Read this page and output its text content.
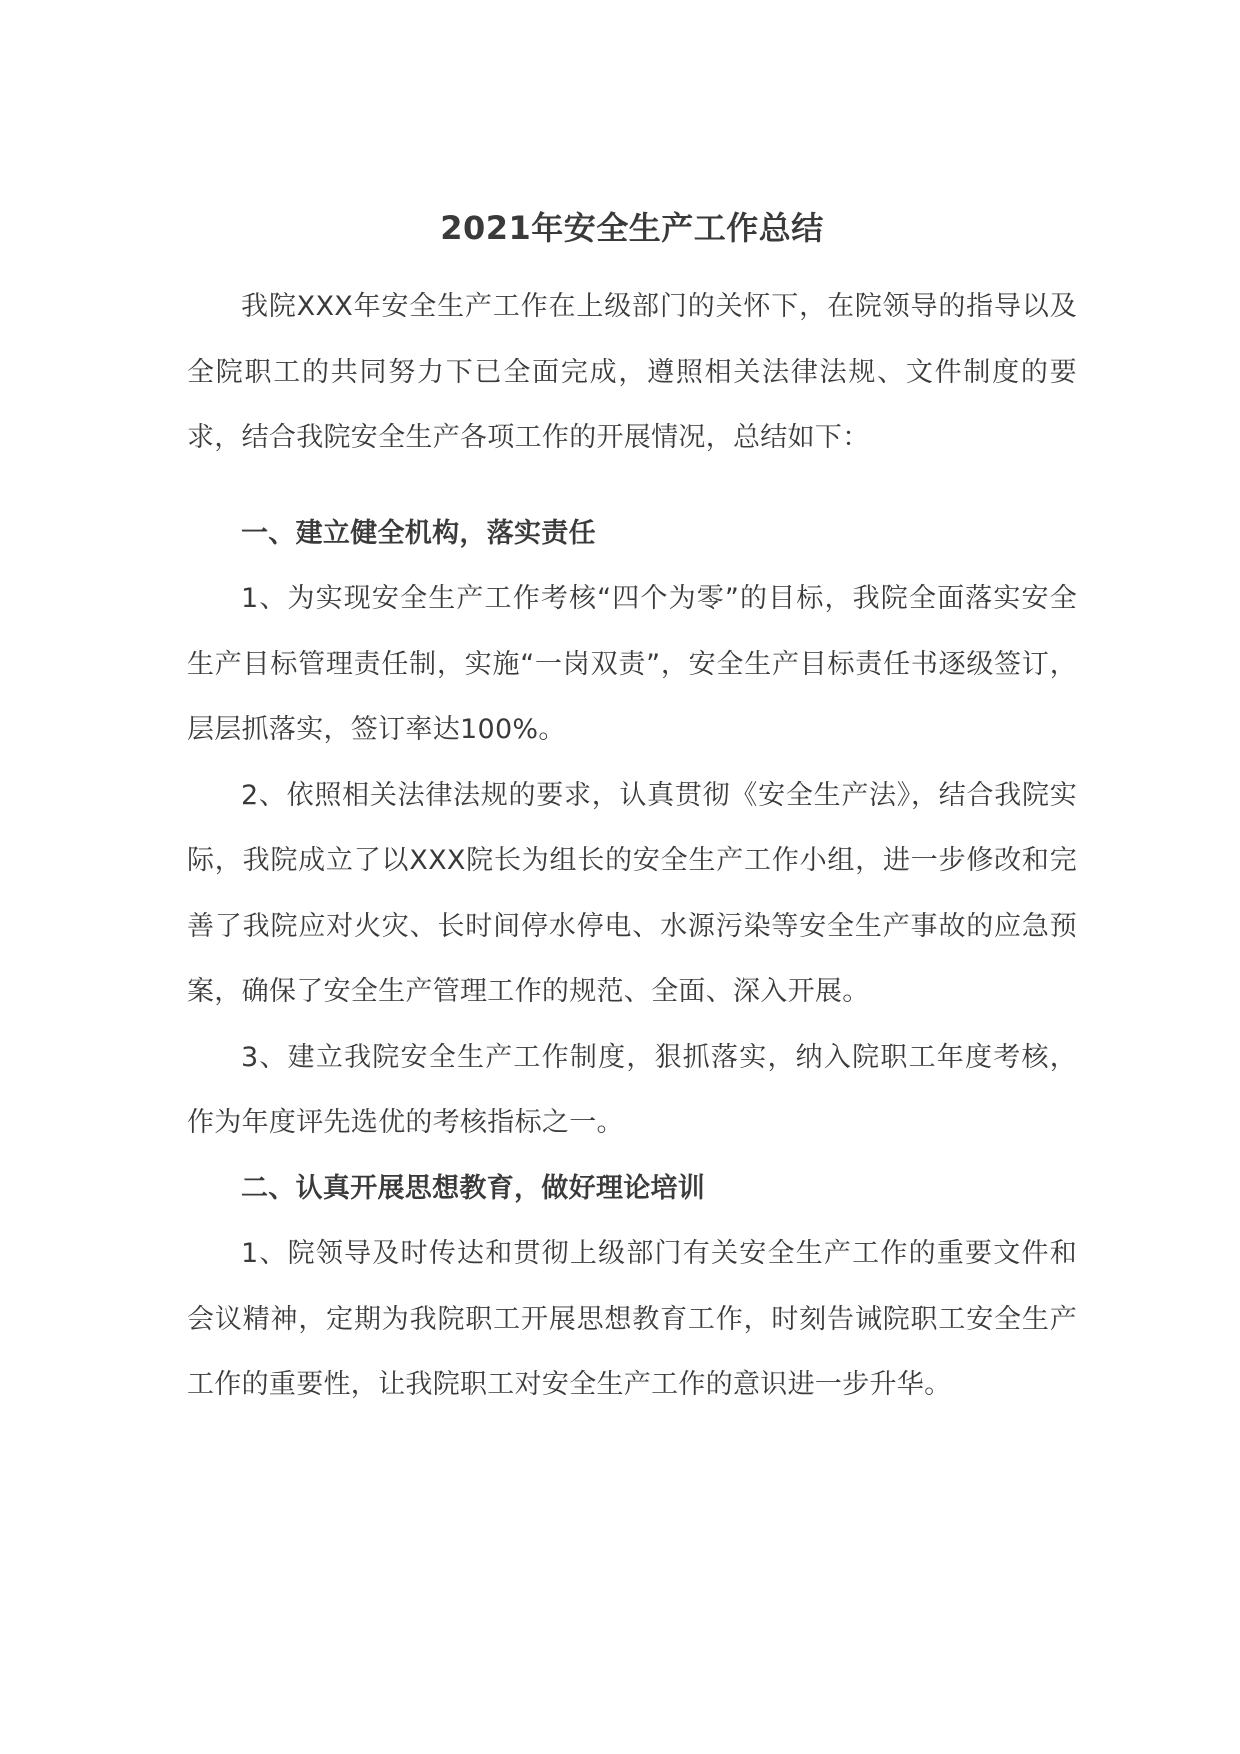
2021年安全生产工作总结

我院XXX年安全生产工作在上级部门的关怀下，在院领导的指导以及全院职工的共同努力下已全面完成，遵照相关法律法规、文件制度的要求，结合我院安全生产各项工作的开展情况，总结如下：

一、建立健全机构，落实责任

1、为实现安全生产工作考核“四个为零”的目标，我院全面落实安全生产目标管理责任制，实施“一岗双责”，安全生产目标责任书逐级签订，层层抓落实，签订率达100%。

2、依照相关法律法规的要求，认真贯彻《安全生产法》，结合我院实际，我院成立了以XXX院长为组长的安全生产工作小组，进一步修改和完善了我院应对火灾、长时间停水停电、水源污染等安全生产事故的应急预案，确保了安全生产管理工作的规范、全面、深入开展。

3、建立我院安全生产工作制度，狠抓落实，纳入院职工年度考核，作为年度评先选优的考核指标之一。

二、认真开展思想教育，做好理论培训

1、院领导及时传达和贯彻上级部门有关安全生产工作的重要文件和会议精神，定期为我院职工开展思想教育工作，时刻告诫院职工安全生产工作的重要性，让我院职工对安全生产工作的意识进一步升华。
